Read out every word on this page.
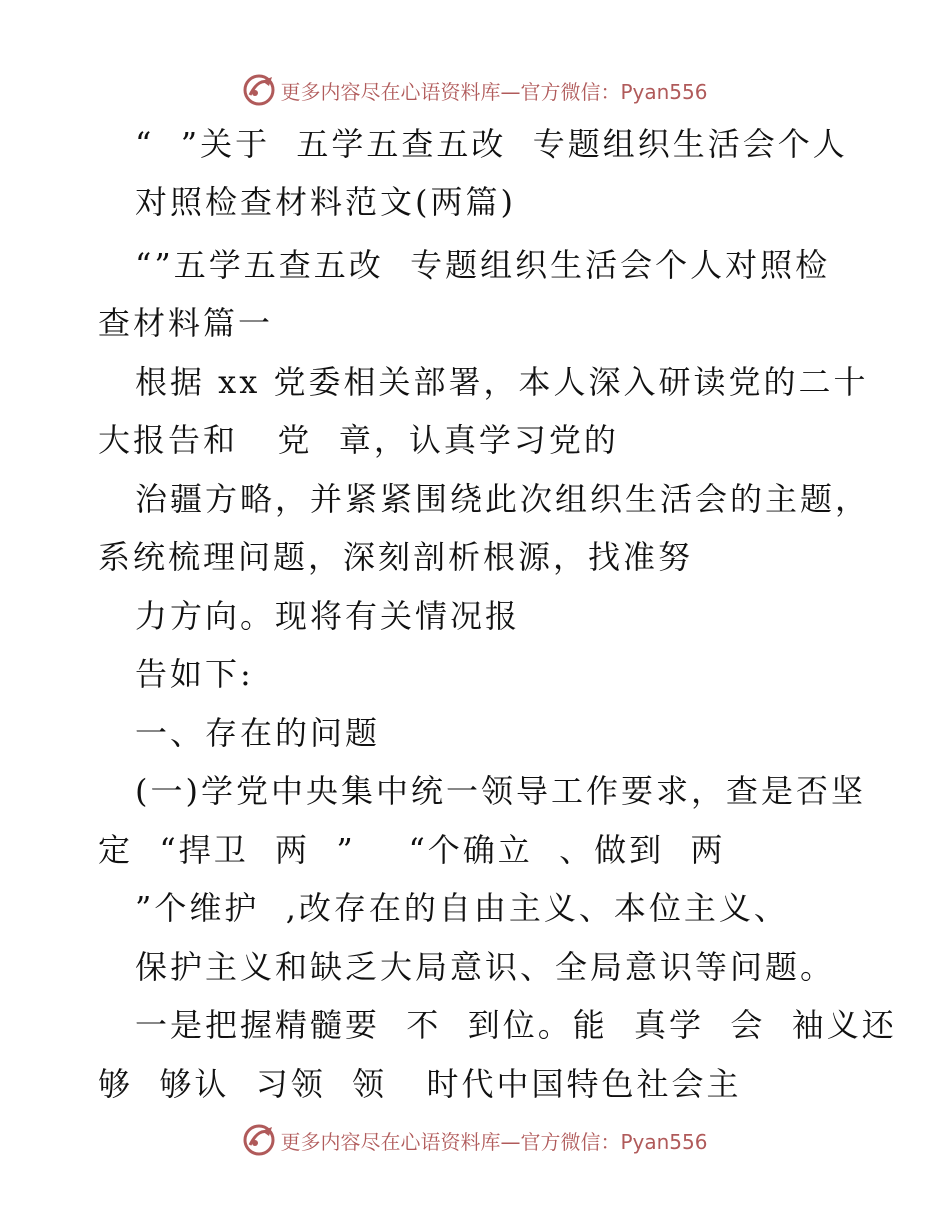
更多内容尽在心语资料库—官方微信：Pyan556
“  ”关于  五学五查五改  专题组织生活会个人
对照检查材料范文(两篇)
“”五学五查五改  专题组织生活会个人对照检
查材料篇一
根据 xx 党委相关部署，本人深入研读党的二十
大报告和   党  章，认真学习党的
治疆方略，并紧紧围绕此次组织生活会的主题，
系统梳理问题，深刻剖析根源，找准努
力方向。现将有关情况报
告如下:
一、存在的问题
(一)学党中央集中统一领导工作要求，查是否坚
定  “捍卫  两  ”    “个确立  、做到  两
”个维护  ,改存在的自由主义、本位主义、
保护主义和缺乏大局意识、全局意识等问题。
一是把握精髓要  不  到位。能  真学  会  袖义还
够  够认  习领  领   时代中国特色社会主
更多内容尽在心语资料库—官方微信：Pyan556
